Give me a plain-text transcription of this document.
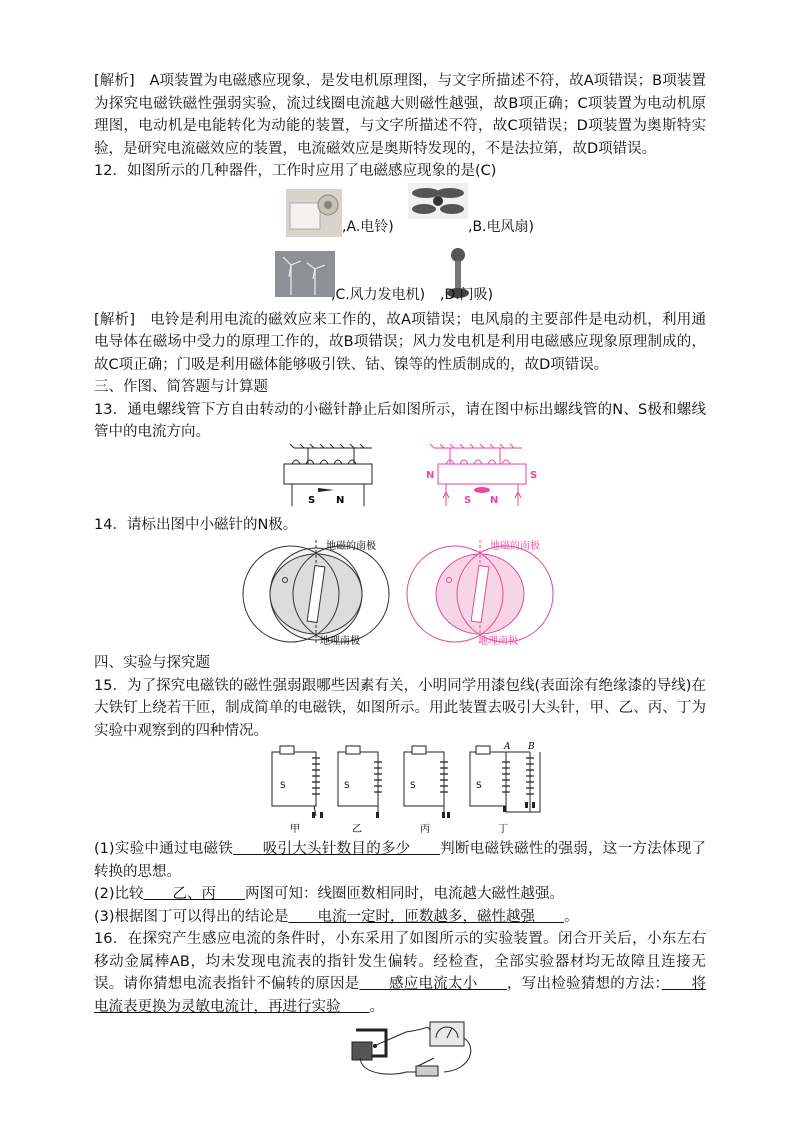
[解析]　A项装置为电磁感应现象，是发电机原理图，与文字所描述不符，故A项错误；B项装置为探究电磁铁磁性强弱实验，流过线圈电流越大则磁性越强，故B项正确；C项装置为电动机原理图，电动机是电能转化为动能的装置，与文字所描述不符，故C项错误；D项装置为奥斯特实验，是研究电流磁效应的装置，电流磁效应是奥斯特发现的，不是法拉第，故D项错误。

12．如图所示的几种器件，工作时应用了电磁感应现象的是(C)

,A.电铃)	,B.电风扇)
,C.风力发电机) ,D.门吸)

[解析]　电铃是利用电流的磁效应来工作的，故A项错误；电风扇的主要部件是电动机，利用通电导体在磁场中受力的原理工作的，故B项错误；风力发电机是利用电磁感应现象原理制成的，故C项正确；门吸是利用磁体能够吸引铁、钴、镍等的性质制成的，故D项错误。

三、作图、简答题与计算题

13．通电螺线管下方自由转动的小磁针静止后如图所示，请在图中标出螺线管的N、S极和螺线管中的电流方向。

S N
N	S
S N

14．请标出图中小磁针的N极。

地磁的南极
地理南极
地磁的南极
地理南极

四、实验与探究题

15．为了探究电磁铁的磁性强弱跟哪些因素有关，小明同学用漆包线(表面涂有绝缘漆的导线)在大铁钉上绕若干匝，制成简单的电磁铁，如图所示。用此装置去吸引大头针，甲、乙、丙、丁为实验中观察到的四种情况。

S	S	S	S
A B
甲	乙	丙	丁

(1)实验中通过电磁铁　　 吸引大头针数目的多少　　 判断电磁铁磁性的强弱，这一方法体现了转换的思想。

(2)比较　　 乙、丙　　 两图可知：线圈匝数相同时，电流越大磁性越强。

(3)根据图丁可以得出的结论是　　 电流一定时，匝数越多，磁性越强　　 。

16．在探究产生感应电流的条件时，小东采用了如图所示的实验装置。闭合开关后，小东左右移动金属棒AB，均未发现电流表的指针发生偏转。经检查，全部实验器材均无故障且连接无误。请你猜想电流表指针不偏转的原因是　　 感应电流太小　　 ，写出检验猜想的方法：　　 将电流表更换为灵敏电流计，再进行实验　　 。
